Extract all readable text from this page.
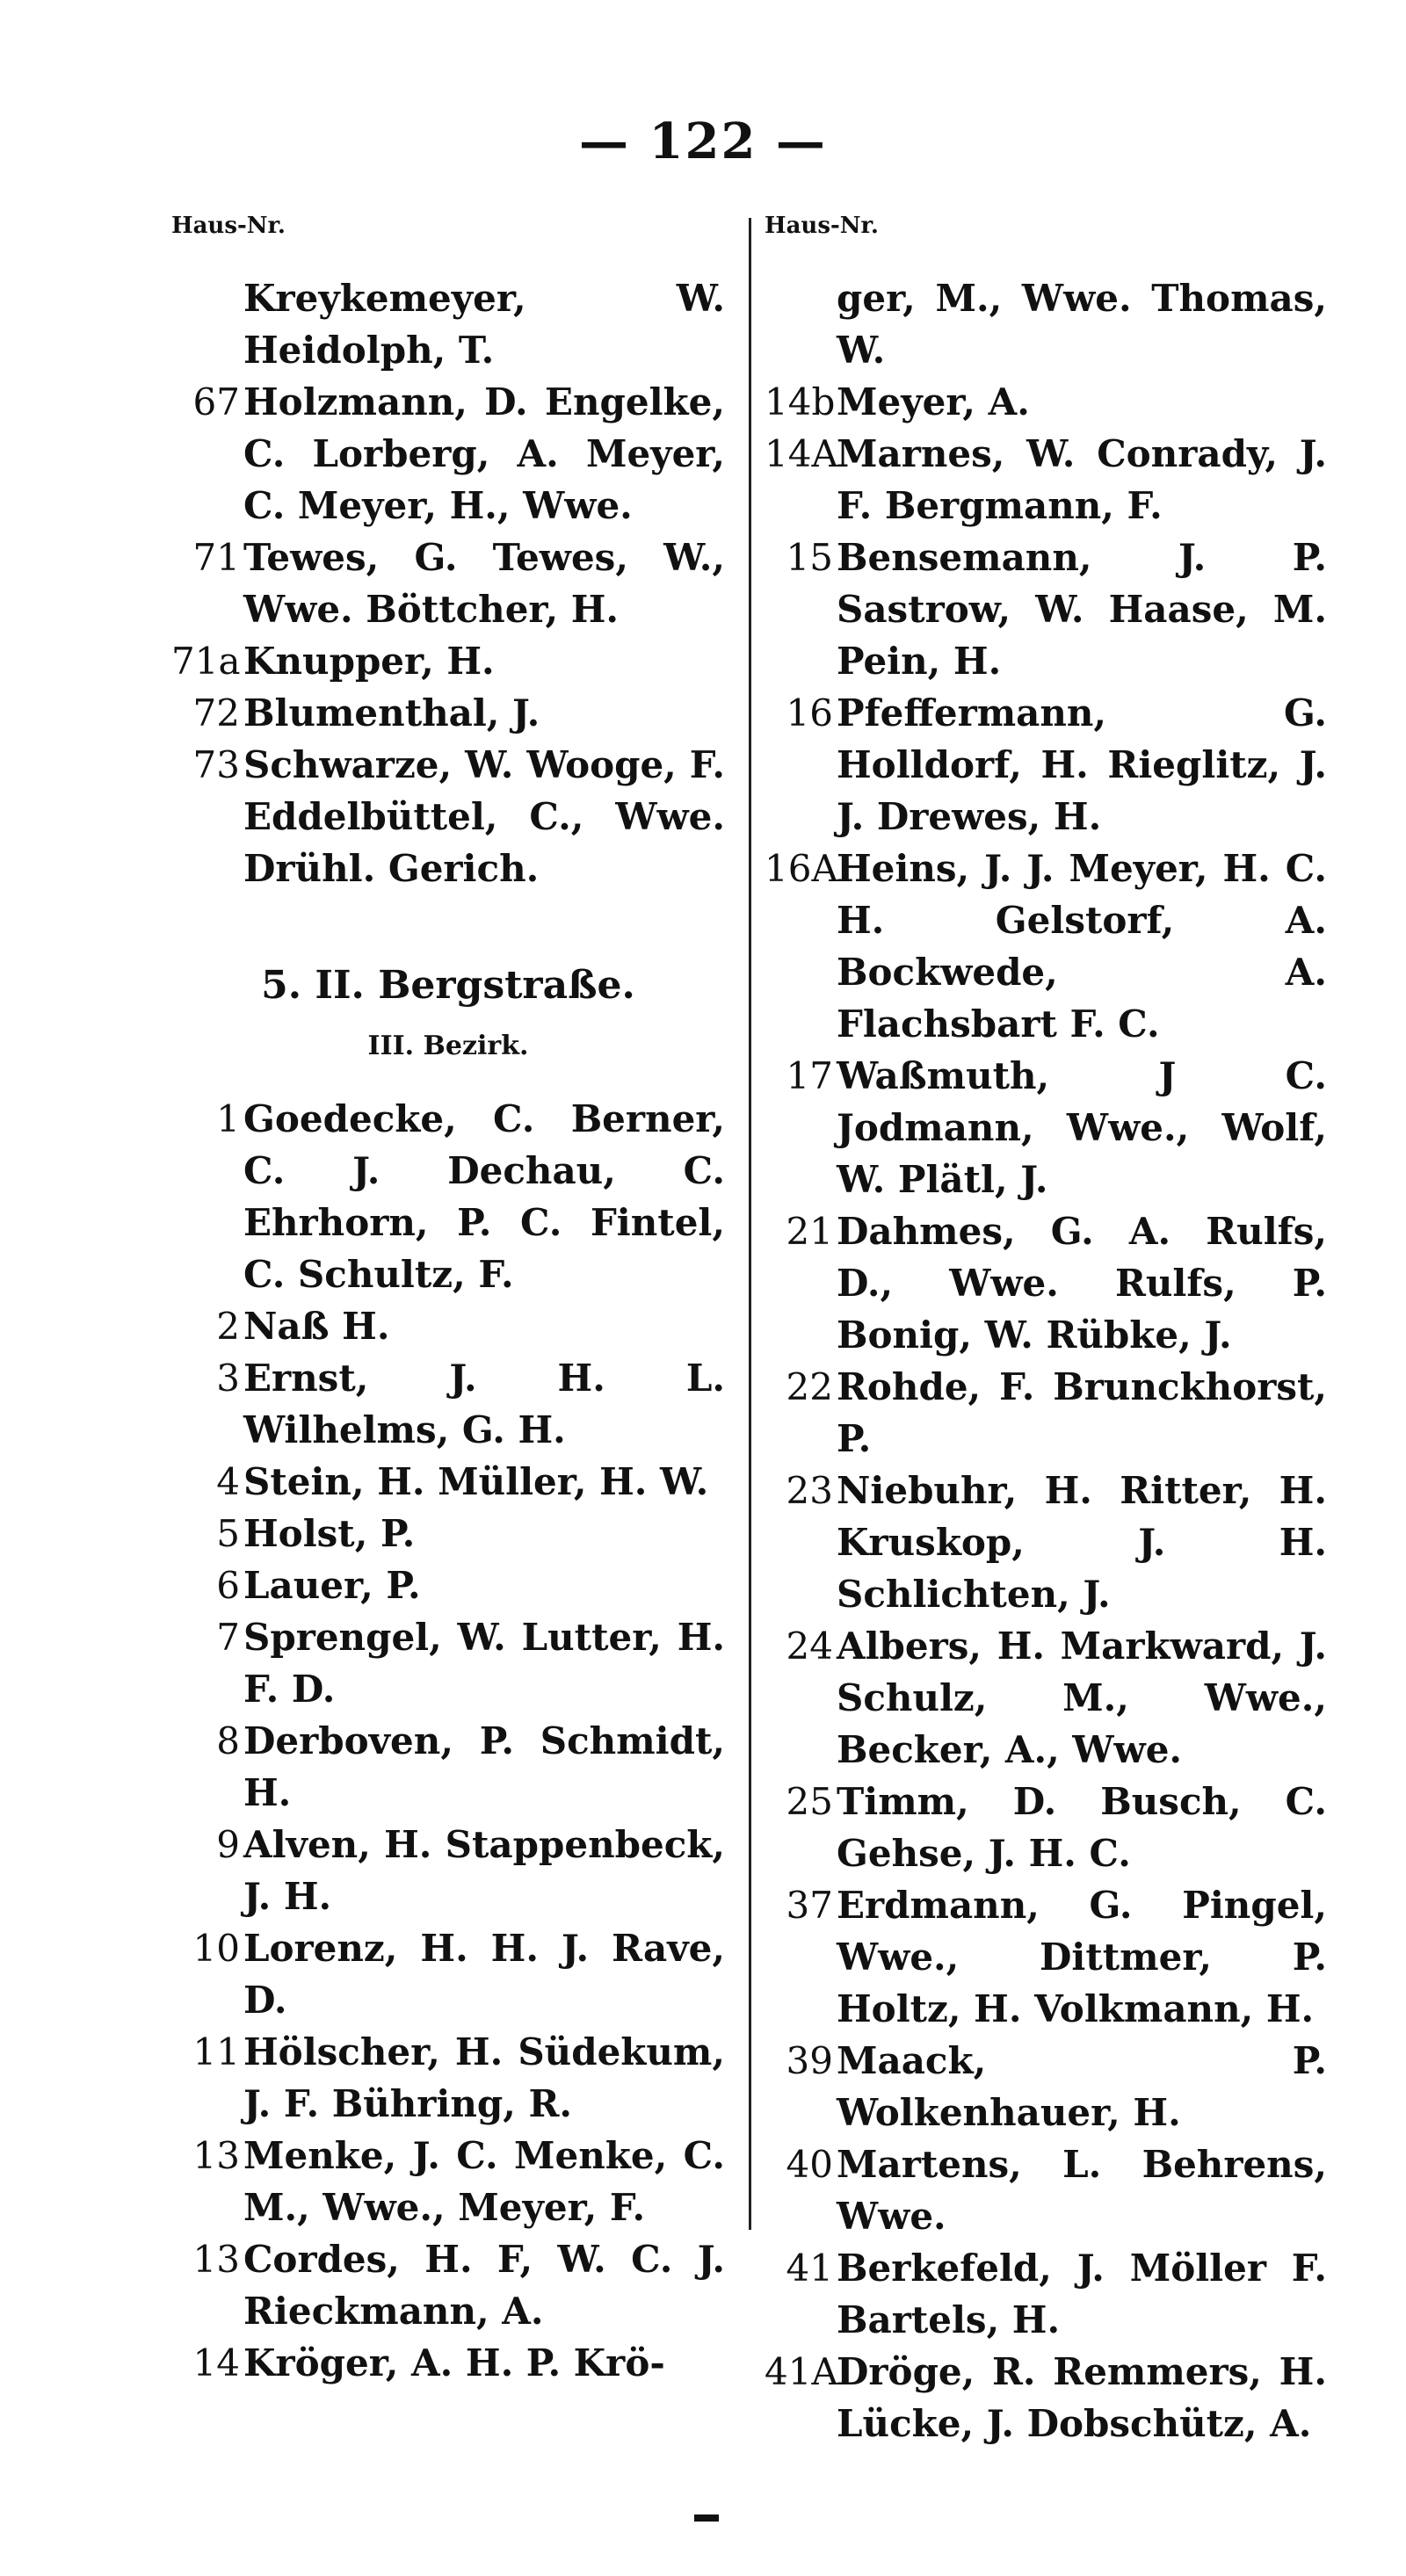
— 122 —
Haus-Nr.	Haus-Nr.
Kreykemeyer, W. Heidolph, T.
67 Holzmann, D. Engelke, C. Lorberg, A. Meyer, C. Meyer, H., Wwe.
71 Tewes, G. Tewes, W., Wwe. Böttcher, H.
71a Knupper, H.
72 Blumenthal, J.
73 Schwarze, W. Wooge, F. Eddelbüttel, C., Wwe. Drühl. Gerich.
5. II. Bergstraße.
III. Bezirk.
1 Goedecke, C. Berner, C. J. Dechau, C. Ehrhorn, P. C. Fintel, C. Schultz, F.
2 Naß H.
3 Ernst, J. H. L. Wilhelms, G. H.
4 Stein, H. Müller, H. W.
5 Holst, P.
6 Lauer, P.
7 Sprengel, W. Lutter, H. F. D.
8 Derboven, P. Schmidt, H.
9 Alven, H. Stappenbeck, J. H.
10 Lorenz, H. H. J. Rave, D.
11 Hölscher, H. Südekum, J. F. Bühring, R.
13 Menke, J. C. Menke, C. M., Wwe., Meyer, F.
13 Cordes, H. F, W. C. J. Rieckmann, A.
14 Kröger, A. H. P. Krö-
ger, M., Wwe. Thomas, W.
14b Meyer, A.
14A
Marnes, W. Conrady, J. F. Bergmann, F.
15 Bensemann, J. P. Sastrow, W. Haase, M. Pein, H.
16 Pfeffermann, G. Holldorf, H. Rieglitz, J. J. Drewes, H.
16A
Heins, J. J. Meyer, H. C. H. Gelstorf, A. Bockwede, A. Flachsbart F. C.
17 Waßmuth, J C. Jodmann, Wwe., Wolf, W. Plätl, J.
21 Dahmes, G. A. Rulfs, D., Wwe. Rulfs, P. Bonig, W. Rübke, J.
22 Rohde, F. Brunckhorst, P.
23 Niebuhr, H. Ritter, H. Kruskop, J. H. Schlichten, J.
24 Albers, H. Markward, J. Schulz, M., Wwe., Becker, A., Wwe.
25 Timm, D. Busch, C. Gehse, J. H. C.
37 Erdmann, G. Pingel, Wwe., Dittmer, P. Holtz, H. Volkmann, H.
39 Maack, P. Wolkenhauer, H.
40 Martens, L. Behrens, Wwe.
41 Berkefeld, J. Möller F. Bartels, H.
41A
Dröge, R. Remmers, H. Lücke, J. Dobschütz, A.
